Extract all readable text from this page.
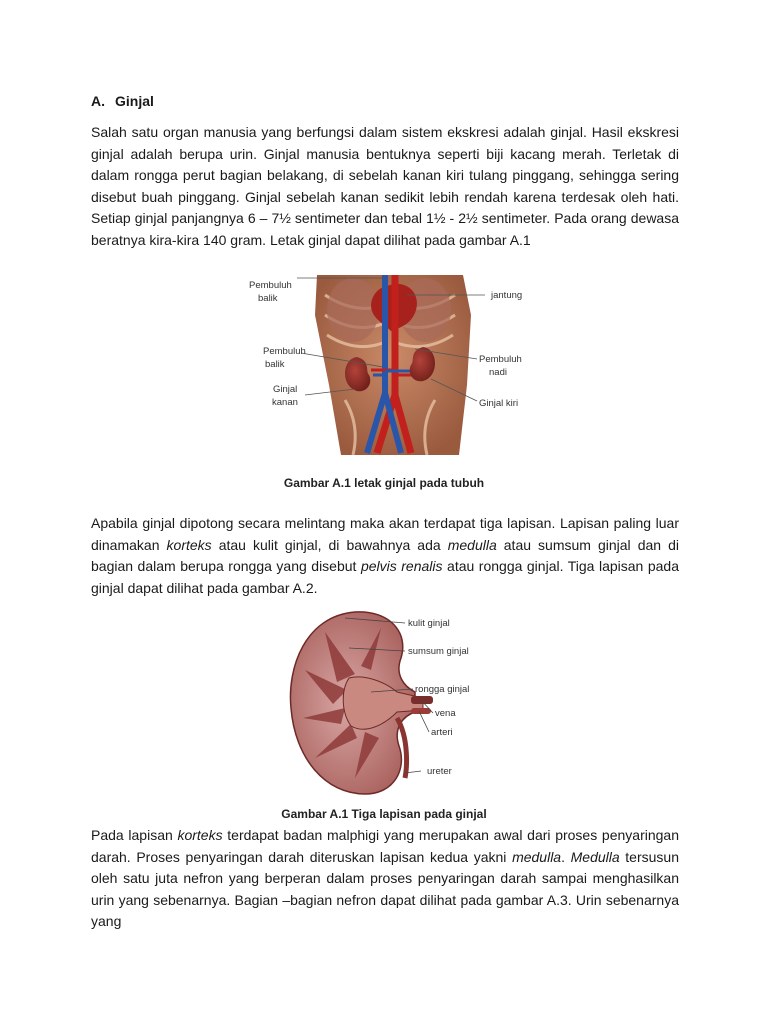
A. Ginjal

Salah satu organ manusia yang berfungsi dalam sistem ekskresi adalah ginjal. Hasil ekskresi ginjal adalah berupa urin. Ginjal manusia bentuknya seperti biji kacang merah. Terletak di dalam rongga perut bagian belakang, di sebelah kanan kiri tulang pinggang, sehingga sering disebut buah pinggang. Ginjal sebelah kanan sedikit lebih rendah karena terdesak oleh hati. Setiap ginjal panjangnya 6 – 7½ sentimeter dan tebal 1½ - 2½ sentimeter. Pada orang dewasa beratnya kira-kira 140 gram. Letak ginjal dapat dilihat pada gambar A.1

Pembuluh balik	jantung
Pembuluh balik	Pembuluh nadi
Ginjal kanan	Ginjal kiri
Gambar A.1 letak ginjal pada tubuh

Apabila ginjal dipotong secara melintang maka akan terdapat tiga lapisan. Lapisan paling luar dinamakan korteks atau kulit ginjal, di bawahnya ada medulla atau sumsum ginjal dan di bagian dalam berupa rongga yang disebut pelvis renalis atau rongga ginjal. Tiga lapisan pada ginjal dapat dilihat pada gambar A.2.

kulit ginjal
sumsum ginjal
rongga ginjal
vena
arteri
ureter
Gambar A.1 Tiga lapisan pada ginjal

Pada lapisan korteks terdapat badan malphigi yang merupakan awal dari proses penyaringan darah. Proses penyaringan darah diteruskan lapisan kedua yakni medulla. Medulla tersusun oleh satu juta nefron yang berperan dalam proses penyaringan darah sampai menghasilkan urin yang sebenarnya. Bagian –bagian nefron dapat dilihat pada gambar A.3. Urin sebenarnya yang
